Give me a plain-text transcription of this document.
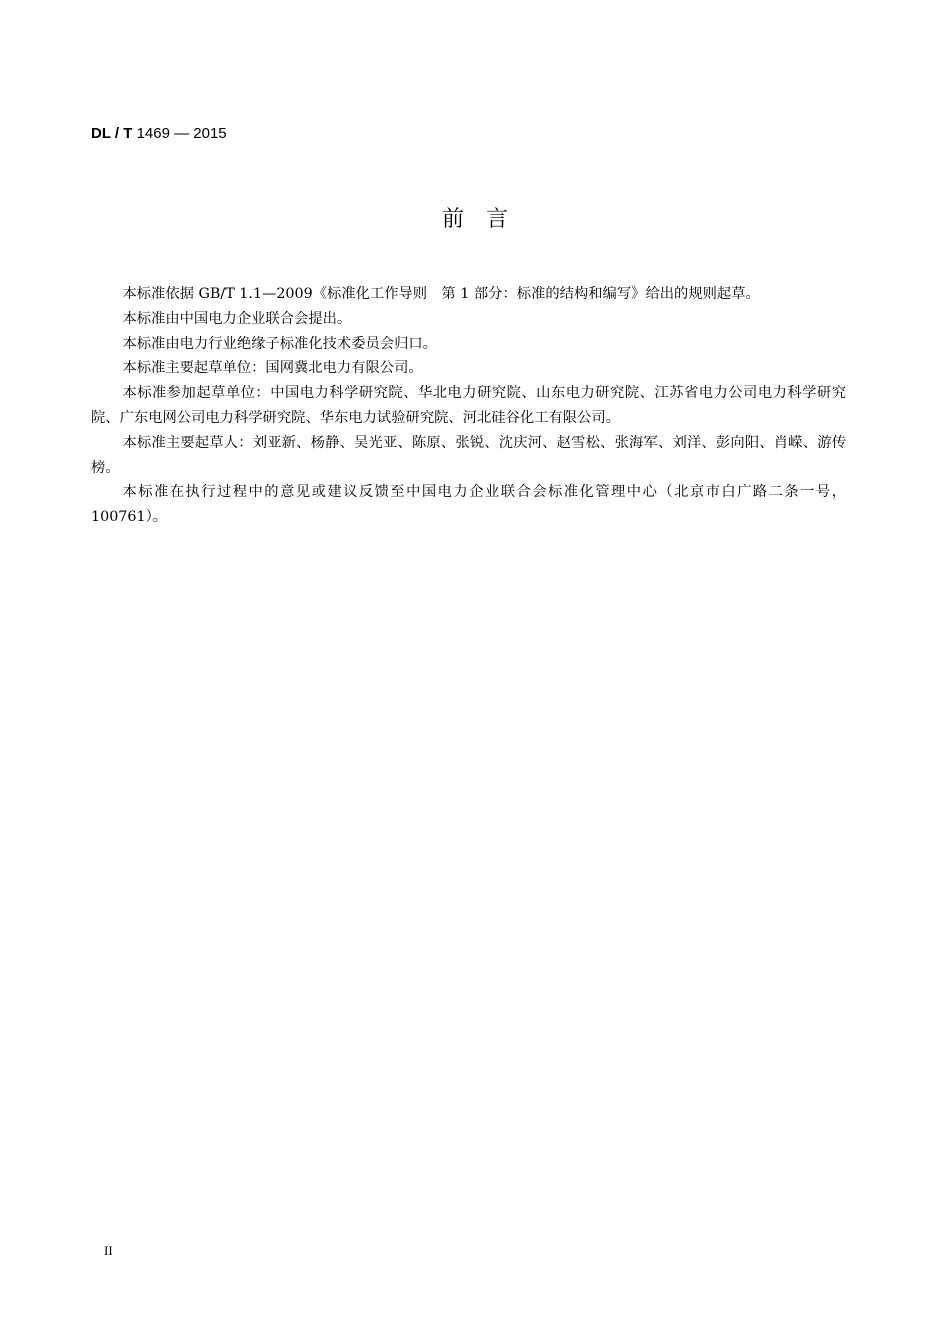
DL / T 1469 — 2015
前　言

本标准依据 GB/T 1.1—2009《标准化工作导则　第 1 部分：标准的结构和编写》给出的规则起草。

本标准由中国电力企业联合会提出。

本标准由电力行业绝缘子标准化技术委员会归口。

本标准主要起草单位：国网冀北电力有限公司。

本标准参加起草单位：中国电力科学研究院、华北电力研究院、山东电力研究院、江苏省电力公司电力科学研究院、广东电网公司电力科学研究院、华东电力试验研究院、河北硅谷化工有限公司。

本标准主要起草人：刘亚新、杨静、吴光亚、陈原、张锐、沈庆河、赵雪松、张海军、刘洋、彭向阳、肖嵘、游传榜。

本标准在执行过程中的意见或建议反馈至中国电力企业联合会标准化管理中心（北京市白广路二条一号，100761）。

II
